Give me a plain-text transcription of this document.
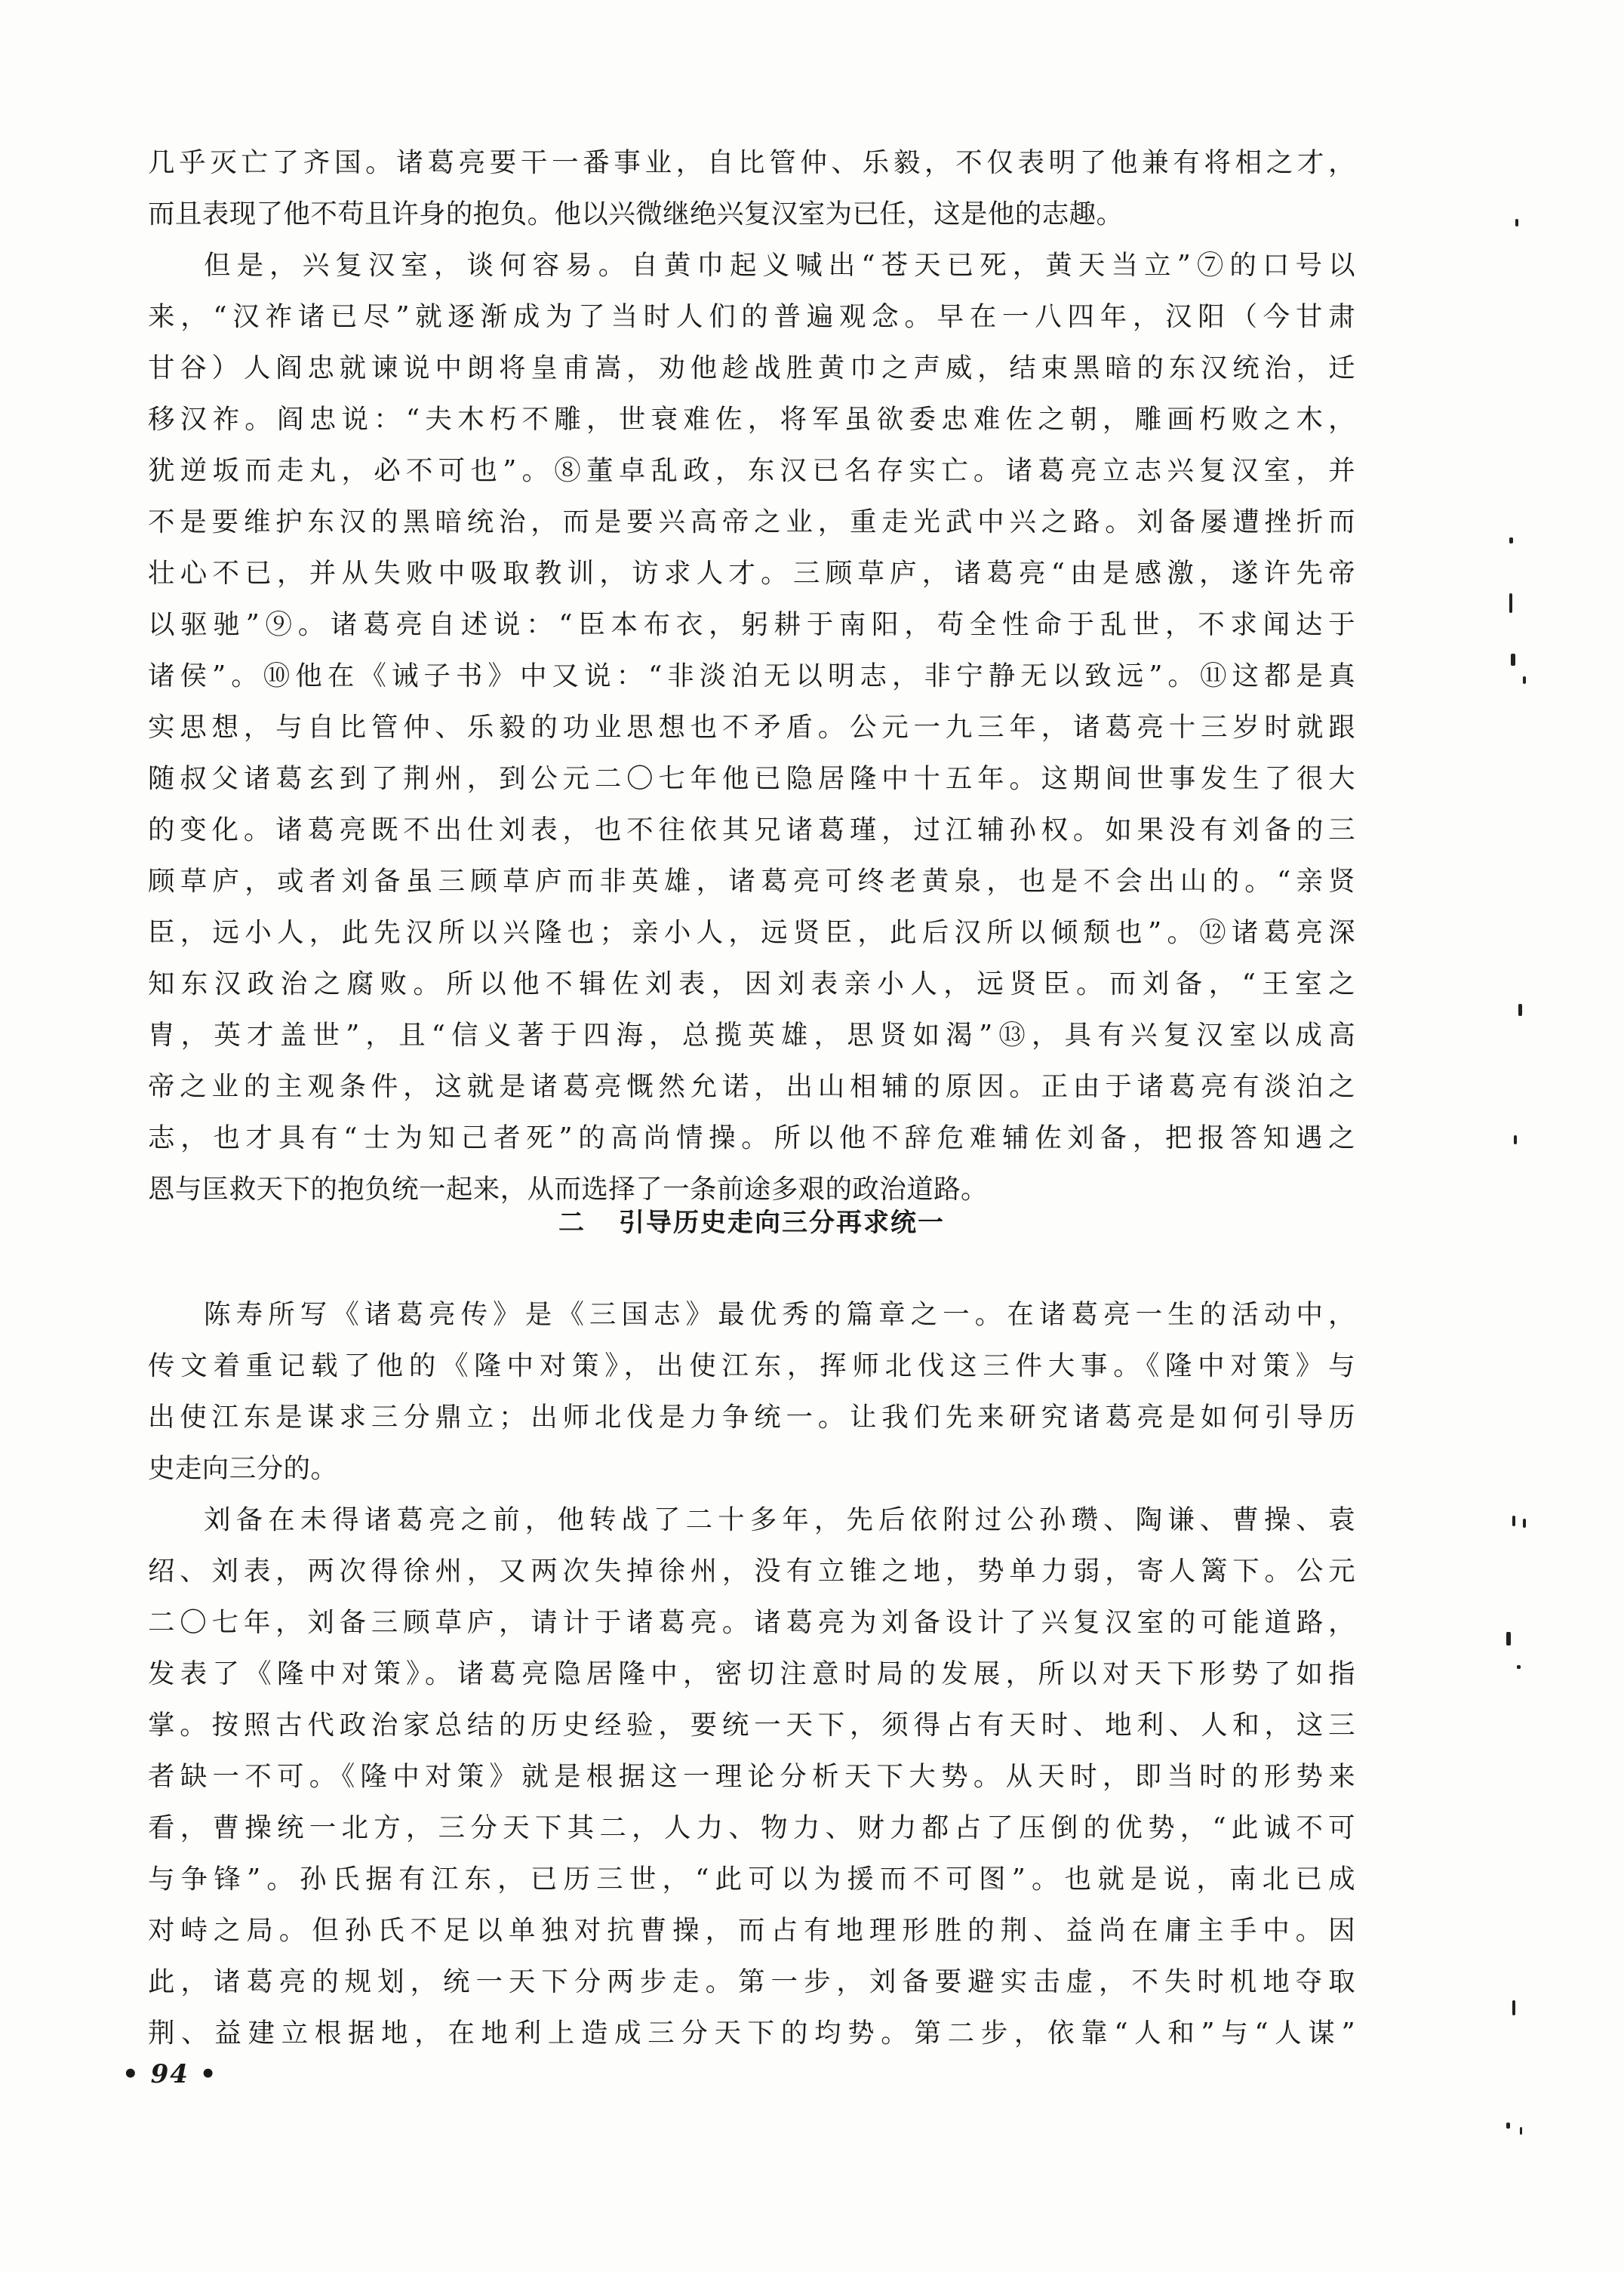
几乎灭亡了齐国。诸葛亮要干一番事业，自比管仲、乐毅，不仅表明了他兼有将相之才，
而且表现了他不苟且许身的抱负。他以兴微继绝兴复汉室为已任，这是他的志趣。
但是，兴复汉室，谈何容易。自黄巾起义喊出“苍天已死，黄天当立”⑦的口号以
来，“汉祚诸已尽”就逐渐成为了当时人们的普遍观念。早在一八四年，汉阳（今甘肃
甘谷）人阎忠就谏说中朗将皇甫嵩，劝他趁战胜黄巾之声威，结束黑暗的东汉统治，迁
移汉祚。阎忠说：“夫木朽不雕，世衰难佐，将军虽欲委忠难佐之朝，雕画朽败之木，
犹逆坂而走丸，必不可也”。⑧董卓乱政，东汉已名存实亡。诸葛亮立志兴复汉室，并
不是要维护东汉的黑暗统治，而是要兴高帝之业，重走光武中兴之路。刘备屡遭挫折而
壮心不已，并从失败中吸取教训，访求人才。三顾草庐，诸葛亮“由是感激，遂许先帝
以驱驰”⑨。诸葛亮自述说：“臣本布衣，躬耕于南阳，苟全性命于乱世，不求闻达于
诸侯”。⑩他在《诫子书》中又说：“非淡泊无以明志，非宁静无以致远”。⑪这都是真
实思想，与自比管仲、乐毅的功业思想也不矛盾。公元一九三年，诸葛亮十三岁时就跟
随叔父诸葛玄到了荆州，到公元二〇七年他已隐居隆中十五年。这期间世事发生了很大
的变化。诸葛亮既不出仕刘表，也不往依其兄诸葛瑾，过江辅孙权。如果没有刘备的三
顾草庐，或者刘备虽三顾草庐而非英雄，诸葛亮可终老黄泉，也是不会出山的。“亲贤
臣，远小人，此先汉所以兴隆也；亲小人，远贤臣，此后汉所以倾颓也”。⑫诸葛亮深
知东汉政治之腐败。所以他不辑佐刘表，因刘表亲小人，远贤臣。而刘备，“王室之
胄，英才盖世”，且“信义著于四海，总揽英雄，思贤如渴”⑬，具有兴复汉室以成高
帝之业的主观条件，这就是诸葛亮慨然允诺，出山相辅的原因。正由于诸葛亮有淡泊之
志，也才具有“士为知己者死”的高尚情操。所以他不辞危难辅佐刘备，把报答知遇之
恩与匡救天下的抱负统一起来，从而选择了一条前途多艰的政治道路。
二 引导历史走向三分再求统一
陈寿所写《诸葛亮传》是《三国志》最优秀的篇章之一。在诸葛亮一生的活动中，
传文着重记载了他的《隆中对策》，出使江东，挥师北伐这三件大事。《隆中对策》与
出使江东是谋求三分鼎立；出师北伐是力争统一。让我们先来研究诸葛亮是如何引导历
史走向三分的。
刘备在未得诸葛亮之前，他转战了二十多年，先后依附过公孙瓒、陶谦、曹操、袁
绍、刘表，两次得徐州，又两次失掉徐州，没有立锥之地，势单力弱，寄人篱下。公元
二〇七年，刘备三顾草庐，请计于诸葛亮。诸葛亮为刘备设计了兴复汉室的可能道路，
发表了《隆中对策》。诸葛亮隐居隆中，密切注意时局的发展，所以对天下形势了如指
掌。按照古代政治家总结的历史经验，要统一天下，须得占有天时、地利、人和，这三
者缺一不可。《隆中对策》就是根据这一理论分析天下大势。从天时，即当时的形势来
看，曹操统一北方，三分天下其二，人力、物力、财力都占了压倒的优势，“此诚不可
与争锋”。孙氏据有江东，已历三世，“此可以为援而不可图”。也就是说，南北已成
对峙之局。但孙氏不足以单独对抗曹操，而占有地理形胜的荆、益尚在庸主手中。因
此，诸葛亮的规划，统一天下分两步走。第一步，刘备要避实击虚，不失时机地夺取
荆、益建立根据地，在地利上造成三分天下的均势。第二步，依靠“人和”与“人谋”
• 94 •
